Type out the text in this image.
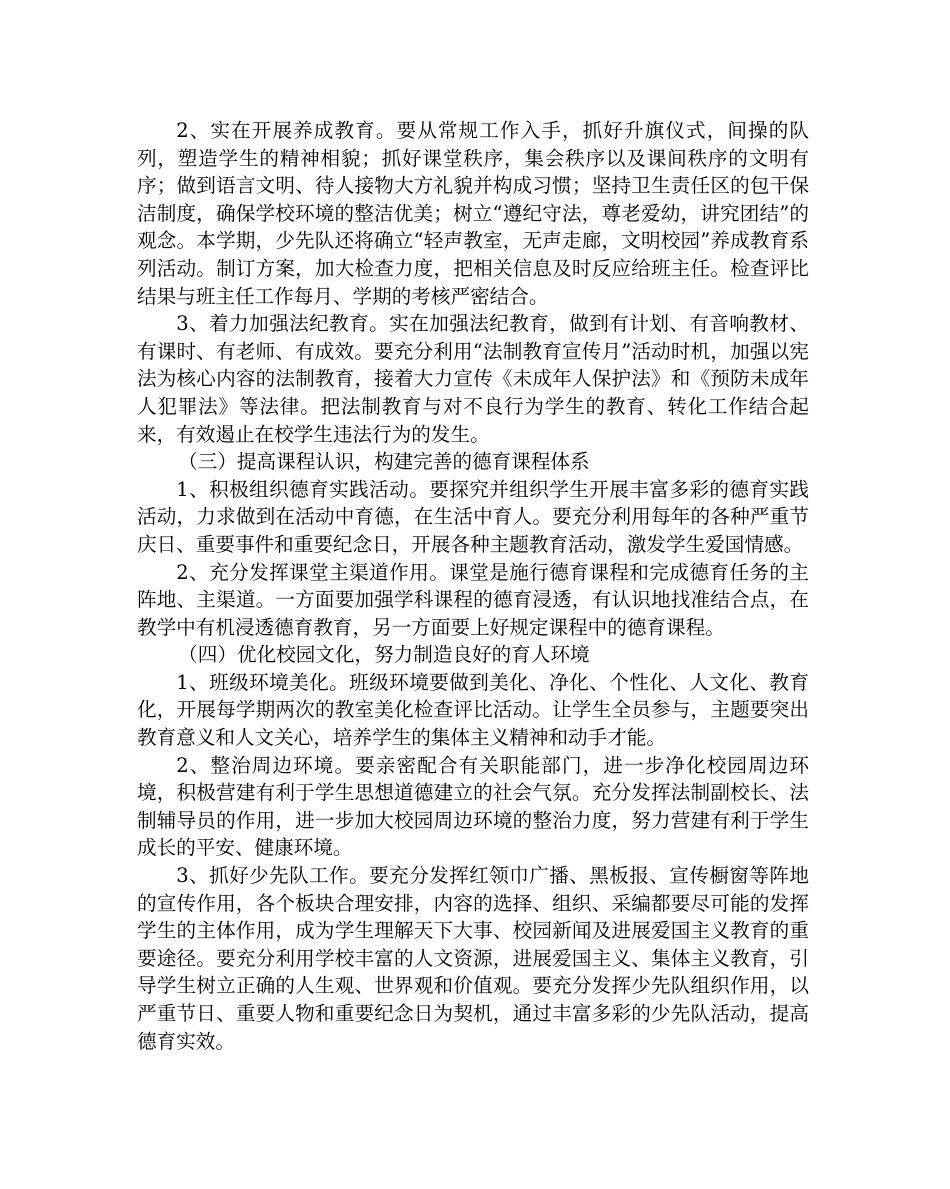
2、实在开展养成教育。要从常规工作入手，抓好升旗仪式，间操的队列，塑造学生的精神相貌；抓好课堂秩序，集会秩序以及课间秩序的文明有序；做到语言文明、待人接物大方礼貌并构成习惯；坚持卫生责任区的包干保洁制度，确保学校环境的整洁优美；树立“遵纪守法，尊老爱幼，讲究团结”的观念。本学期，少先队还将确立“轻声教室，无声走廊，文明校园”养成教育系列活动。制订方案，加大检查力度，把相关信息及时反应给班主任。检查评比结果与班主任工作每月、学期的考核严密结合。

3、着力加强法纪教育。实在加强法纪教育，做到有计划、有音响教材、有课时、有老师、有成效。要充分利用“法制教育宣传月”活动时机，加强以宪法为核心内容的法制教育，接着大力宣传《未成年人保护法》和《预防未成年人犯罪法》等法律。把法制教育与对不良行为学生的教育、转化工作结合起来，有效遏止在校学生违法行为的发生。

（三）提高课程认识，构建完善的德育课程体系

1、积极组织德育实践活动。要探究并组织学生开展丰富多彩的德育实践活动，力求做到在活动中育德，在生活中育人。要充分利用每年的各种严重节庆日、重要事件和重要纪念日，开展各种主题教育活动，激发学生爱国情感。

2、充分发挥课堂主渠道作用。课堂是施行德育课程和完成德育任务的主阵地、主渠道。一方面要加强学科课程的德育浸透，有认识地找准结合点，在教学中有机浸透德育教育，另一方面要上好规定课程中的德育课程。

（四）优化校园文化，努力制造良好的育人环境

1、班级环境美化。班级环境要做到美化、净化、个性化、人文化、教育化，开展每学期两次的教室美化检查评比活动。让学生全员参与，主题要突出教育意义和人文关心，培养学生的集体主义精神和动手才能。

2、整治周边环境。要亲密配合有关职能部门，进一步净化校园周边环境，积极营建有利于学生思想道德建立的社会气氛。充分发挥法制副校长、法制辅导员的作用，进一步加大校园周边环境的整治力度，努力营建有利于学生成长的平安、健康环境。

3、抓好少先队工作。要充分发挥红领巾广播、黑板报、宣传橱窗等阵地的宣传作用，各个板块合理安排，内容的选择、组织、采编都要尽可能的发挥学生的主体作用，成为学生理解天下大事、校园新闻及进展爱国主义教育的重要途径。要充分利用学校丰富的人文资源，进展爱国主义、集体主义教育，引导学生树立正确的人生观、世界观和价值观。要充分发挥少先队组织作用，以严重节日、重要人物和重要纪念日为契机，通过丰富多彩的少先队活动，提高德育实效。
